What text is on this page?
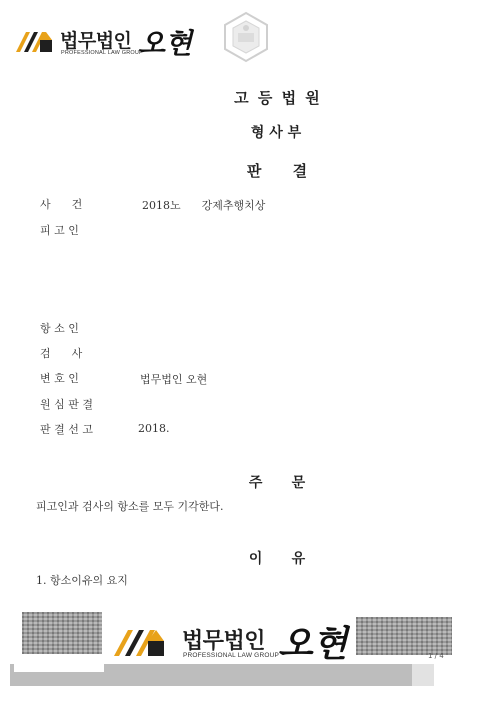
법무법인
PROFESSIONAL LAW GROUP
오현
고 등 법 원
형 사 부
판      결
사      건	2018노      강제추행치상
피 고 인
항 소 인
검      사
변 호 인	법무법인 오현
원 심 판 결
판 결 선 고	2018.
주      문
피고인과 검사의 항소를 모두 기각한다.
이      유
1. 항소이유의 요지
법무법인
PROFESSIONAL LAW GROUP
오현	1 / 4
